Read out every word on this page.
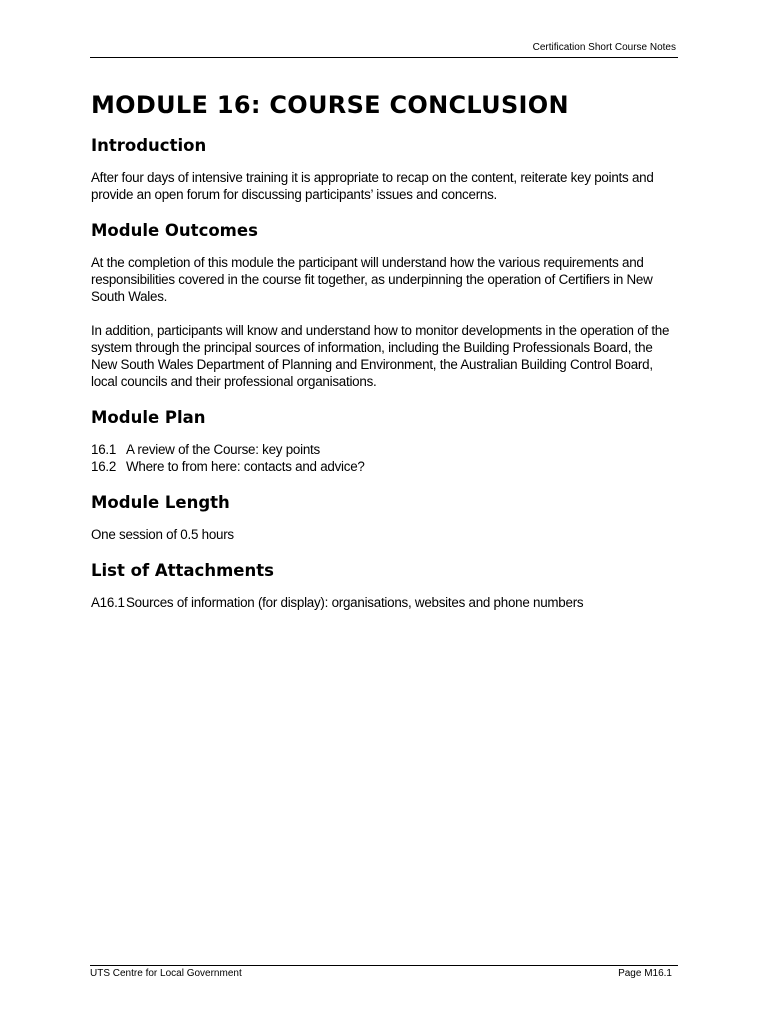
Certification Short Course Notes
MODULE 16: COURSE CONCLUSION
Introduction

After four days of intensive training it is appropriate to recap on the content, reiterate key points and provide an open forum for discussing participants’ issues and concerns.

Module Outcomes

At the completion of this module the participant will understand how the various requirements and responsibilities covered in the course fit together, as underpinning the operation of Certifiers in New South Wales.

In addition, participants will know and understand how to monitor developments in the operation of the system through the principal sources of information, including the Building Professionals Board, the New South Wales Department of Planning and Environment, the Australian Building Control Board, local councils and their professional organisations.

Module Plan
16.1 A review of the Course: key points
16.2 Where to from here: contacts and advice?
Module Length

One session of 0.5 hours

List of Attachments
A16.1 Sources of information (for display): organisations, websites and phone numbers
UTS Centre for Local Government	Page M16.1
